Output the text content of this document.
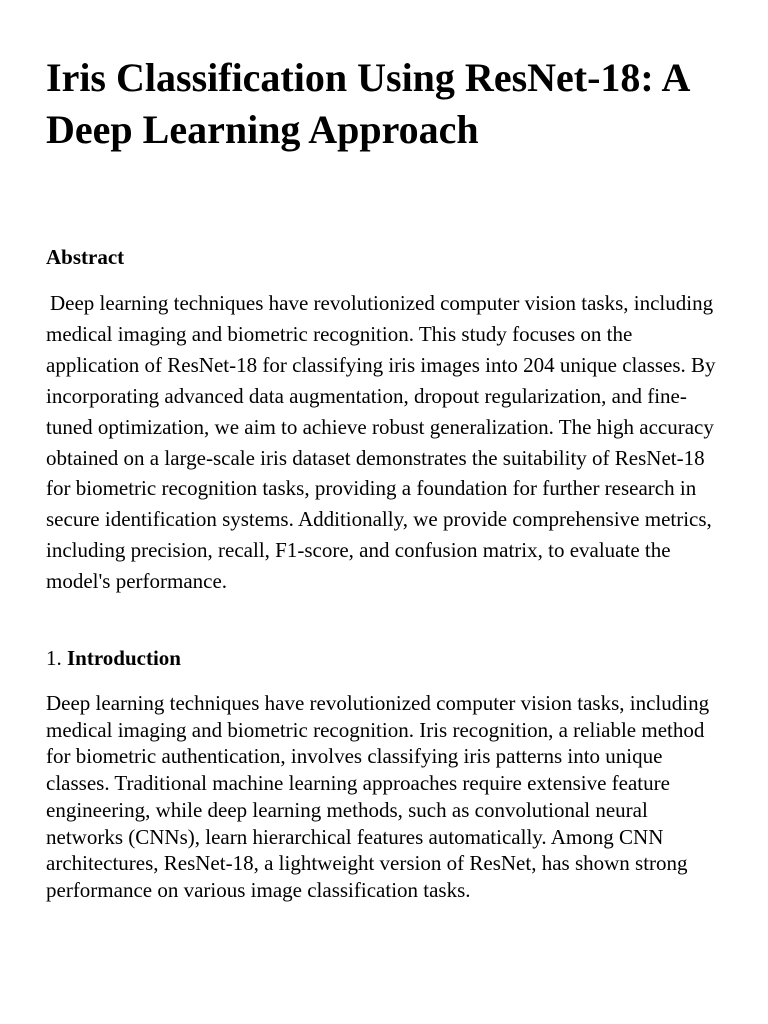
Iris Classification Using ResNet-18: A Deep Learning Approach
Abstract

Deep learning techniques have revolutionized computer vision tasks, including medical imaging and biometric recognition. This study focuses on the application of ResNet-18 for classifying iris images into 204 unique classes. By incorporating advanced data augmentation, dropout regularization, and fine-tuned optimization, we aim to achieve robust generalization. The high accuracy obtained on a large-scale iris dataset demonstrates the suitability of ResNet-18 for biometric recognition tasks, providing a foundation for further research in secure identification systems. Additionally, we provide comprehensive metrics, including precision, recall, F1-score, and confusion matrix, to evaluate the model's performance.

1. Introduction

Deep learning techniques have revolutionized computer vision tasks, including medical imaging and biometric recognition. Iris recognition, a reliable method for biometric authentication, involves classifying iris patterns into unique classes. Traditional machine learning approaches require extensive feature engineering, while deep learning methods, such as convolutional neural networks (CNNs), learn hierarchical features automatically. Among CNN architectures, ResNet-18, a lightweight version of ResNet, has shown strong performance on various image classification tasks.
